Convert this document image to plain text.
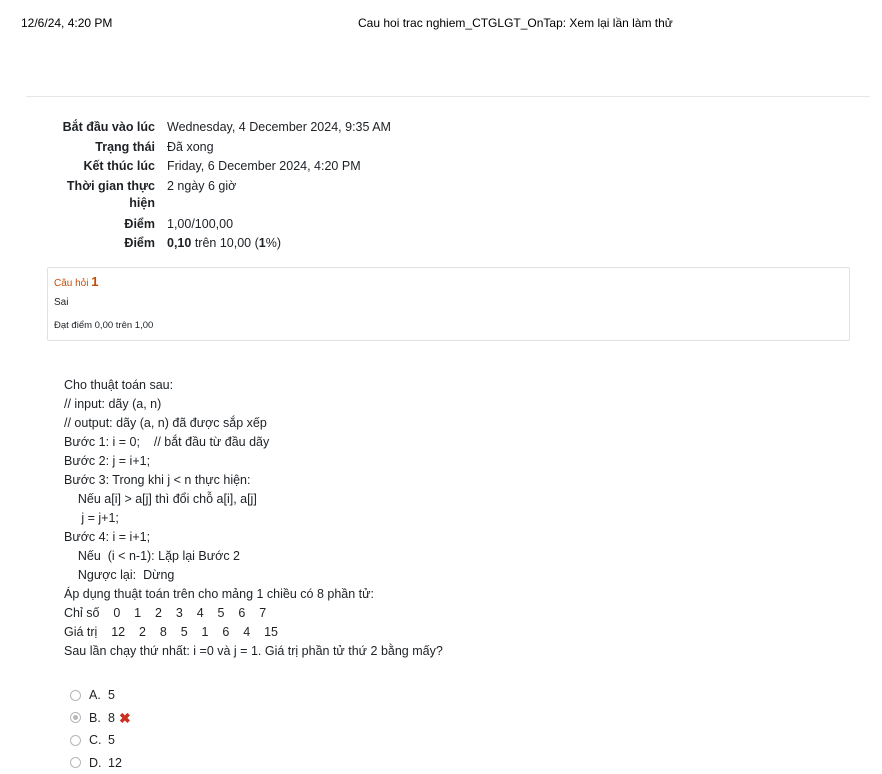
12/6/24, 4:20 PM	Cau hoi trac nghiem_CTGLGT_OnTap: Xem lại lần làm thử
Bắt đầu vào lúc Wednesday, 4 December 2024, 9:35 AM
Trạng thái Đã xong
Kết thúc lúc Friday, 6 December 2024, 4:20 PM
Thời gian thực hiện
2 ngày 6 giờ
Điểm 1,00/100,00
Điểm 0,10 trên 10,00 (1%)
Câu hỏi 1
Sai
Đạt điểm 0,00 trên 1,00
Cho thuật toán sau:
// input: dãy (a, n)
// output: dãy (a, n) đã được sắp xếp
Bước 1: i = 0;    // bắt đầu từ đầu dãy
Bước 2: j = i+1;
Bước 3: Trong khi j < n thực hiện:
Nếu a[i] > a[j] thì đổi chỗ a[i], a[j]
j = j+1;
Bước 4: i = i+1;
Nếu  (i < n-1): Lặp lại Bước 2
Ngược lại:  Dừng
Áp dụng thuật toán trên cho mảng 1 chiều có 8 phần tử:
Chỉ số    0    1    2    3    4    5    6    7
Giá trị    12    2    8    5    1    6    4    15
Sau lần chạy thứ nhất: i =0 và j = 1. Giá trị phần tử thứ 2 bằng mấy?
A. 5
B. 8 ✖
C. 5
D. 12
